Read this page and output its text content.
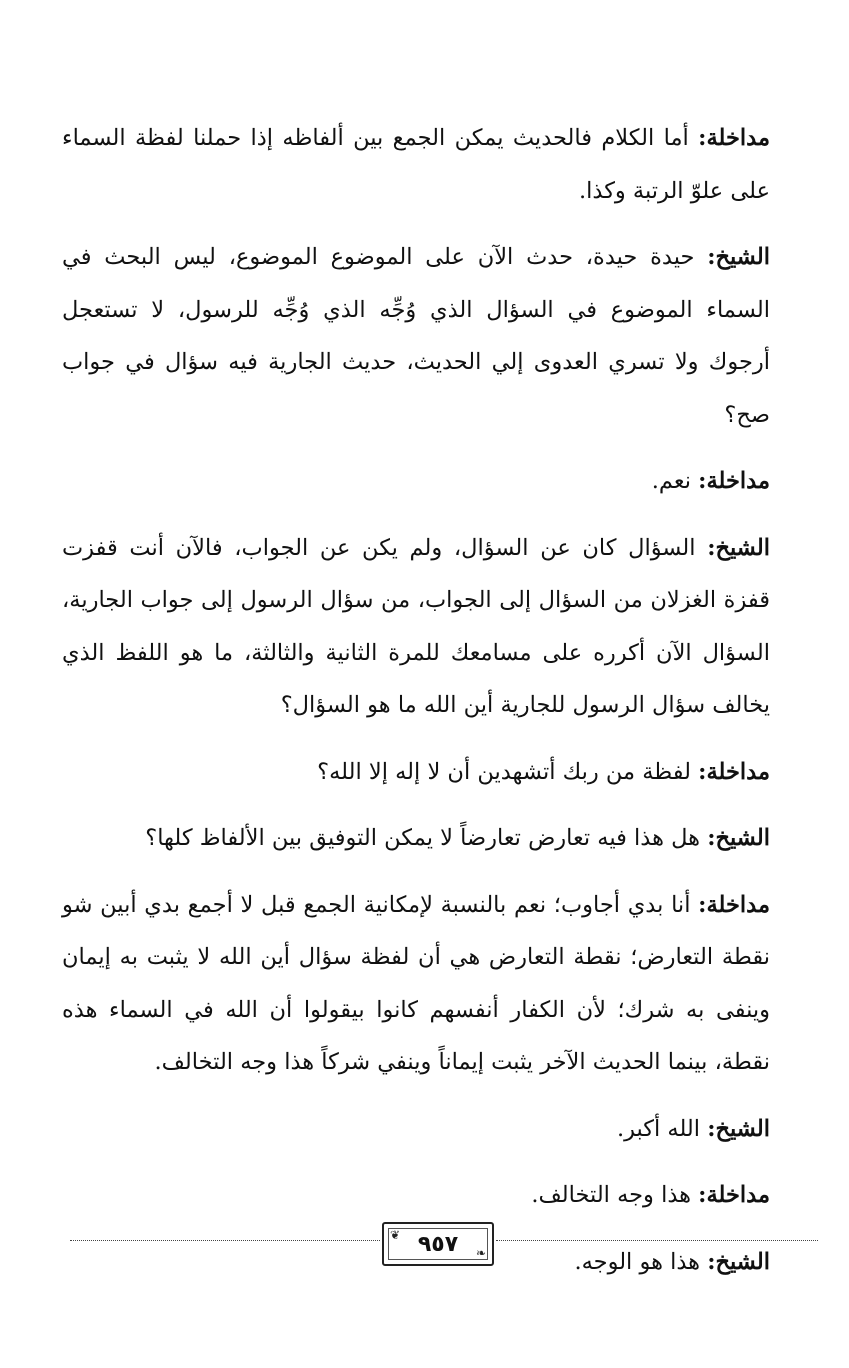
مداخلة: أما الكلام فالحديث يمكن الجمع بين ألفاظه إذا حملنا لفظة السماء على علوّ الرتبة وكذا.

الشيخ: حيدة حيدة، حدث الآن على الموضوع الموضوع، ليس البحث في السماء الموضوع في السؤال الذي وُجِّه الذي وُجِّه للرسول، لا تستعجل أرجوك ولا تسري العدوى إلي الحديث، حديث الجارية فيه سؤال في جواب صح؟

مداخلة: نعم.

الشيخ: السؤال كان عن السؤال، ولم يكن عن الجواب، فالآن أنت قفزت قفزة الغزلان من السؤال إلى الجواب، من سؤال الرسول إلى جواب الجارية، السؤال الآن أكرره على مسامعك للمرة الثانية والثالثة، ما هو اللفظ الذي يخالف سؤال الرسول للجارية أين الله ما هو السؤال؟

مداخلة: لفظة من ربك أتشهدين أن لا إله إلا الله؟

الشيخ: هل هذا فيه تعارض تعارضاً لا يمكن التوفيق بين الألفاظ كلها؟

مداخلة: أنا بدي أجاوب؛ نعم بالنسبة لإمكانية الجمع قبل لا أجمع بدي أبين شو نقطة التعارض؛ نقطة التعارض هي أن لفظة سؤال أين الله لا يثبت به إيمان وينفى به شرك؛ لأن الكفار أنفسهم كانوا بيقولوا أن الله في السماء هذه نقطة، بينما الحديث الآخر يثبت إيماناً وينفي شركاً هذا وجه التخالف.

الشيخ: الله أكبر.

مداخلة: هذا وجه التخالف.

الشيخ: هذا هو الوجه.

❦ ٩٥٧ ❧
